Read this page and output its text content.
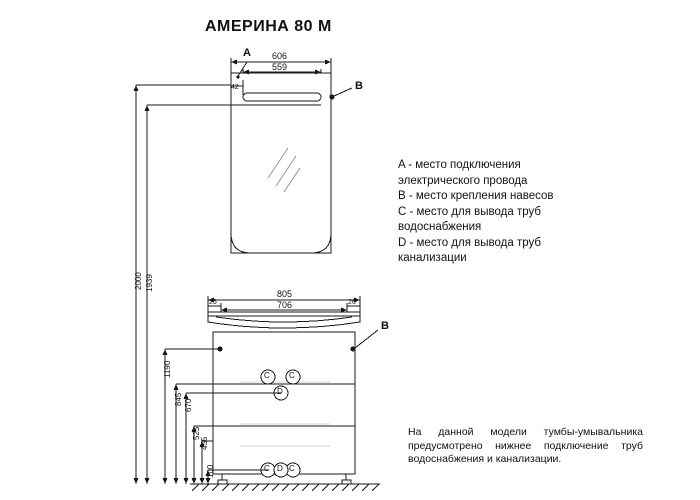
АМЕРИНА 80 М
A
B
B
C C
D
C D C
606
559
42
805
706
26	26
2000 1939
1190
845 670
525
455
100
A - место подключения
электрического провода
B - место крепления навесов
C - место для вывода труб
водоснабжения
D - место для вывода труб
канализации
На данной модели тумбы-умывальника предусмотрено нижнее подключение труб водоснабжения и канализации.
